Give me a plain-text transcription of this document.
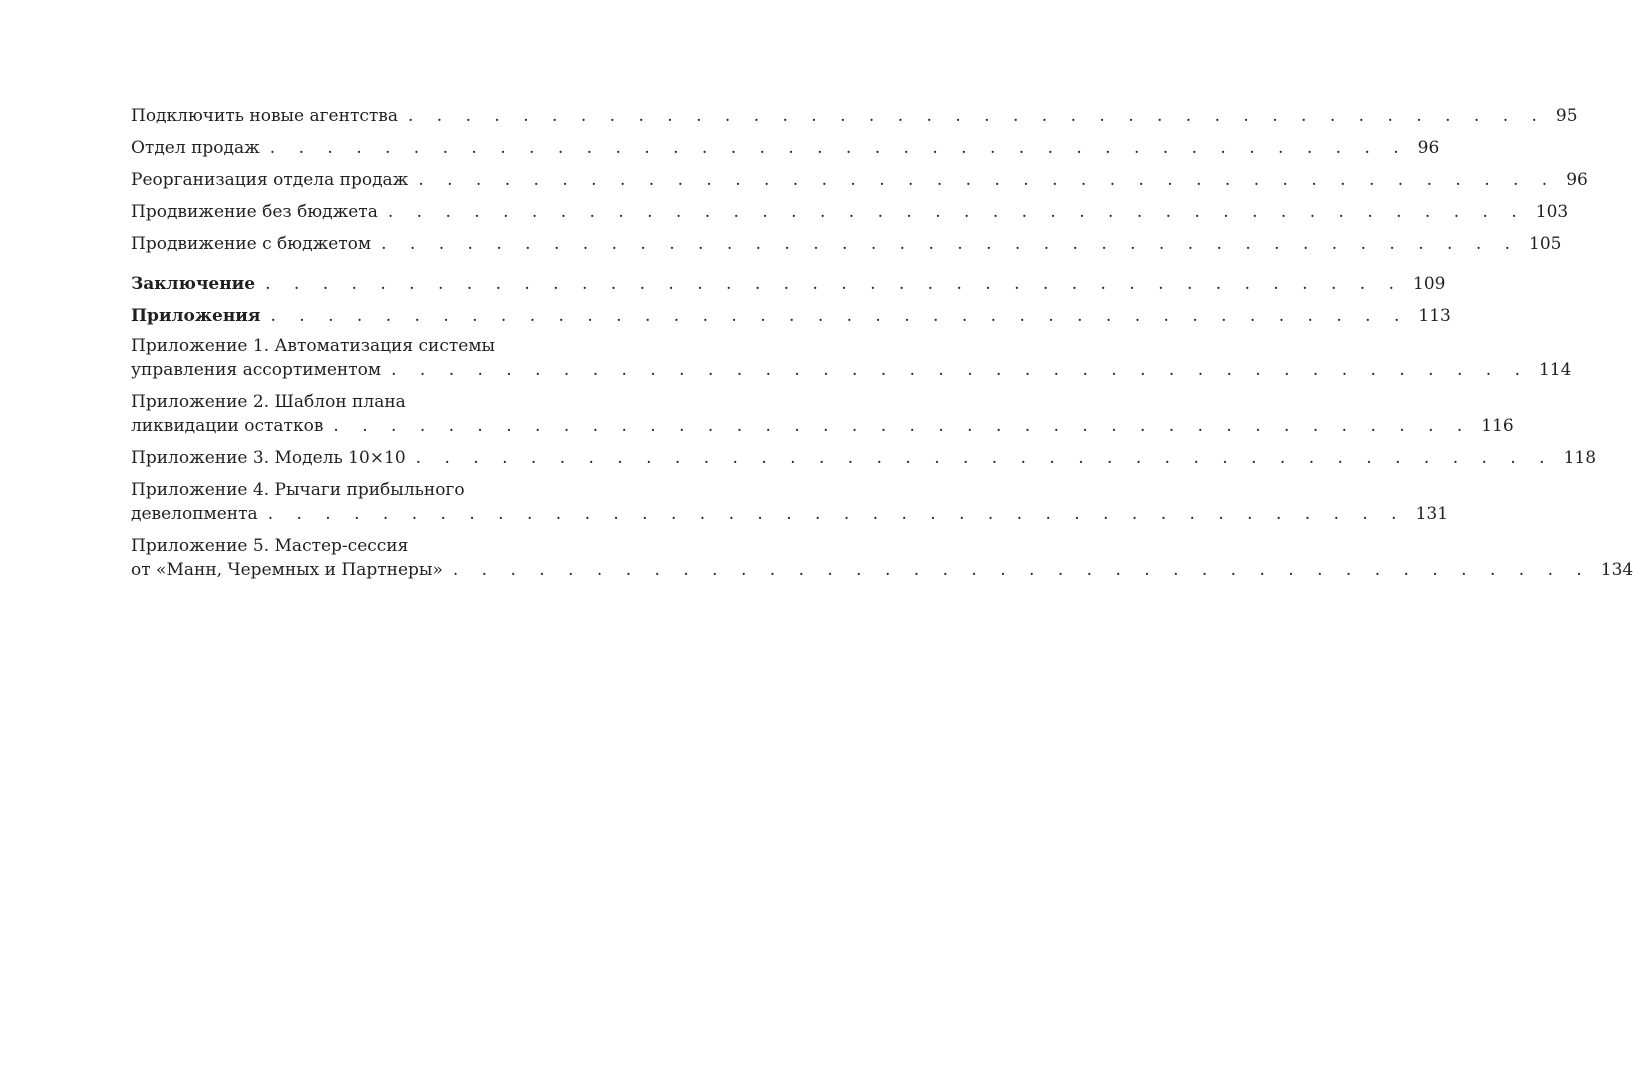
Подключить новые агентства . . . . . . . . . . . . . . . . . . . . . . . . . . . . . . . . . . . . . . . . 95
Отдел продаж . . . . . . . . . . . . . . . . . . . . . . . . . . . . . . . . . . . . . . . . 96
Реорганизация отдела продаж . . . . . . . . . . . . . . . . . . . . . . . . . . . . . . . . . . . . . . . . 96
Продвижение без бюджета . . . . . . . . . . . . . . . . . . . . . . . . . . . . . . . . . . . . . . . . 103
Продвижение с бюджетом . . . . . . . . . . . . . . . . . . . . . . . . . . . . . . . . . . . . . . . . 105
Заключение . . . . . . . . . . . . . . . . . . . . . . . . . . . . . . . . . . . . . . . . 109
Приложения . . . . . . . . . . . . . . . . . . . . . . . . . . . . . . . . . . . . . . . . 113
Приложение 1. Автоматизация системы
управления ассортиментом . . . . . . . . . . . . . . . . . . . . . . . . . . . . . . . . . . . . . . . . 114
Приложение 2. Шаблон плана
ликвидации остатков . . . . . . . . . . . . . . . . . . . . . . . . . . . . . . . . . . . . . . . . 116
Приложение 3. Модель 10×10 . . . . . . . . . . . . . . . . . . . . . . . . . . . . . . . . . . . . . . . . 118
Приложение 4. Рычаги прибыльного
девелопмента . . . . . . . . . . . . . . . . . . . . . . . . . . . . . . . . . . . . . . . . 131
Приложение 5. Мастер-сессия
от «Манн, Черемных и Партнеры» . . . . . . . . . . . . . . . . . . . . . . . . . . . . . . . . . . . . . . . . 134
